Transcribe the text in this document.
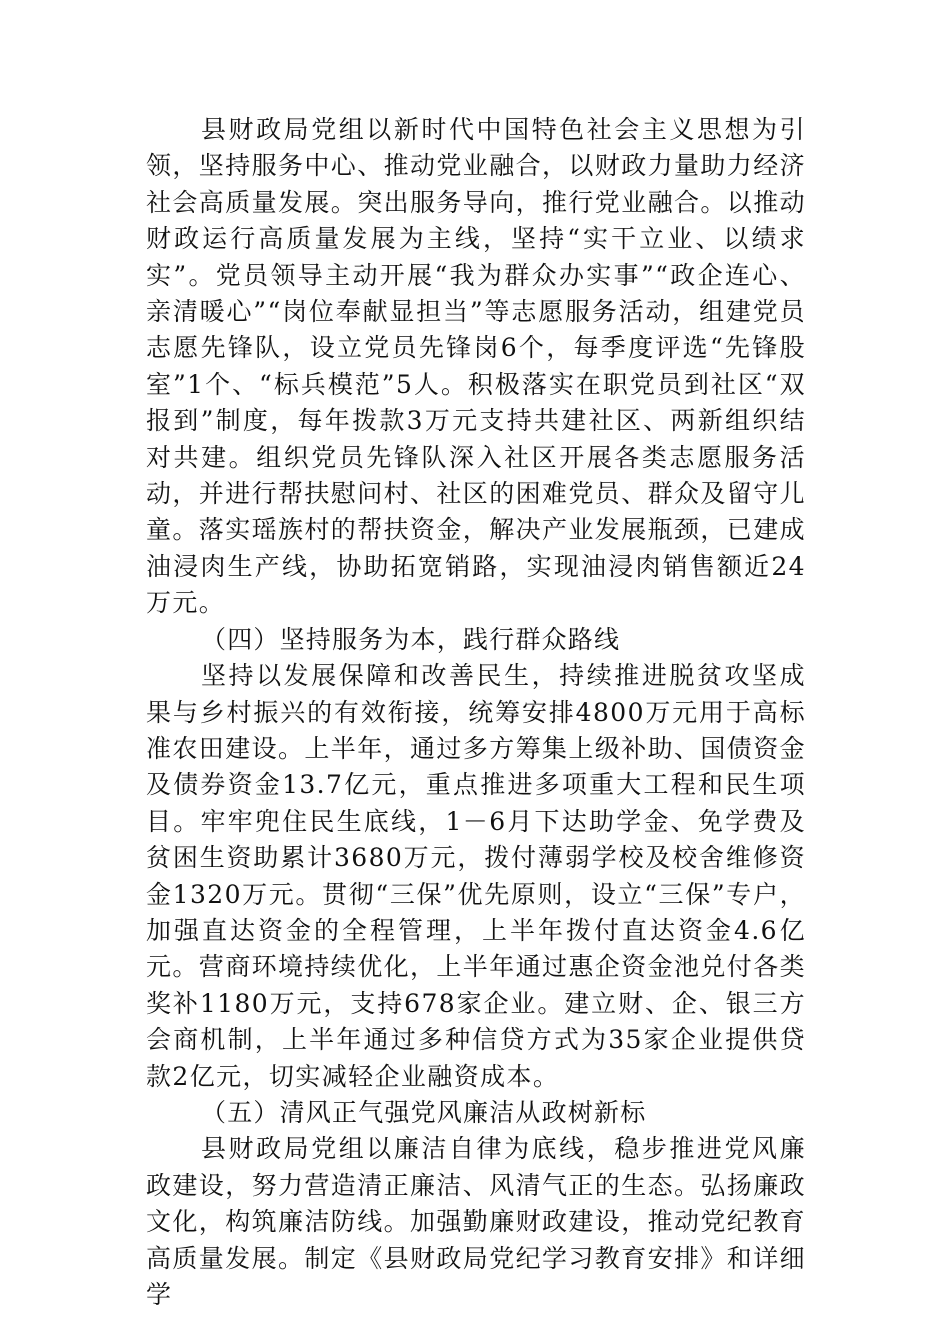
县财政局党组以新时代中国特色社会主义思想为引领，坚持服务中心、推动党业融合，以财政力量助力经济社会高质量发展。突出服务导向，推行党业融合。以推动财政运行高质量发展为主线，坚持“实干立业、以绩求实”。党员领导主动开展“我为群众办实事”“政企连心、亲清暖心”“岗位奉献显担当”等志愿服务活动，组建党员志愿先锋队，设立党员先锋岗6个，每季度评选“先锋股室”1个、“标兵模范”5人。积极落实在职党员到社区“双报到”制度，每年拨款3万元支持共建社区、两新组织结对共建。组织党员先锋队深入社区开展各类志愿服务活动，并进行帮扶慰问村、社区的困难党员、群众及留守儿童。落实瑶族村的帮扶资金，解决产业发展瓶颈，已建成油浸肉生产线，协助拓宽销路，实现油浸肉销售额近24万元。

（四）坚持服务为本，践行群众路线

坚持以发展保障和改善民生，持续推进脱贫攻坚成果与乡村振兴的有效衔接，统筹安排4800万元用于高标准农田建设。上半年，通过多方筹集上级补助、国债资金及债券资金13.7亿元，重点推进多项重大工程和民生项目。牢牢兜住民生底线，1－6月下达助学金、免学费及贫困生资助累计3680万元，拨付薄弱学校及校舍维修资金1320万元。贯彻“三保”优先原则，设立“三保”专户，加强直达资金的全程管理，上半年拨付直达资金4.6亿元。营商环境持续优化，上半年通过惠企资金池兑付各类奖补1180万元，支持678家企业。建立财、企、银三方会商机制，上半年通过多种信贷方式为35家企业提供贷款2亿元，切实减轻企业融资成本。

（五）清风正气强党风廉洁从政树新标

县财政局党组以廉洁自律为底线，稳步推进党风廉政建设，努力营造清正廉洁、风清气正的生态。弘扬廉政文化，构筑廉洁防线。加强勤廉财政建设，推动党纪教育高质量发展。制定《县财政局党纪学习教育安排》和详细学
